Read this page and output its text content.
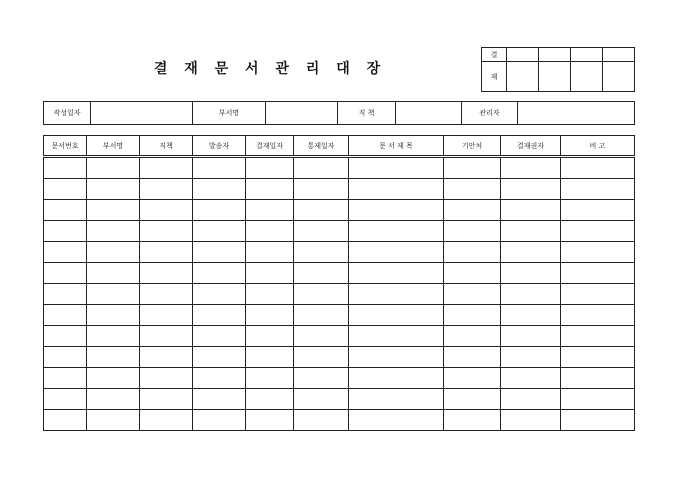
결 재 문 서 관 리 대 장
결				
재				
작성일자		부서명		직 책		관리자	
문서번호	부서명	직책	발송자	결재일자	통제일자	문 서 제 목	기안처	결재권자	비 고
